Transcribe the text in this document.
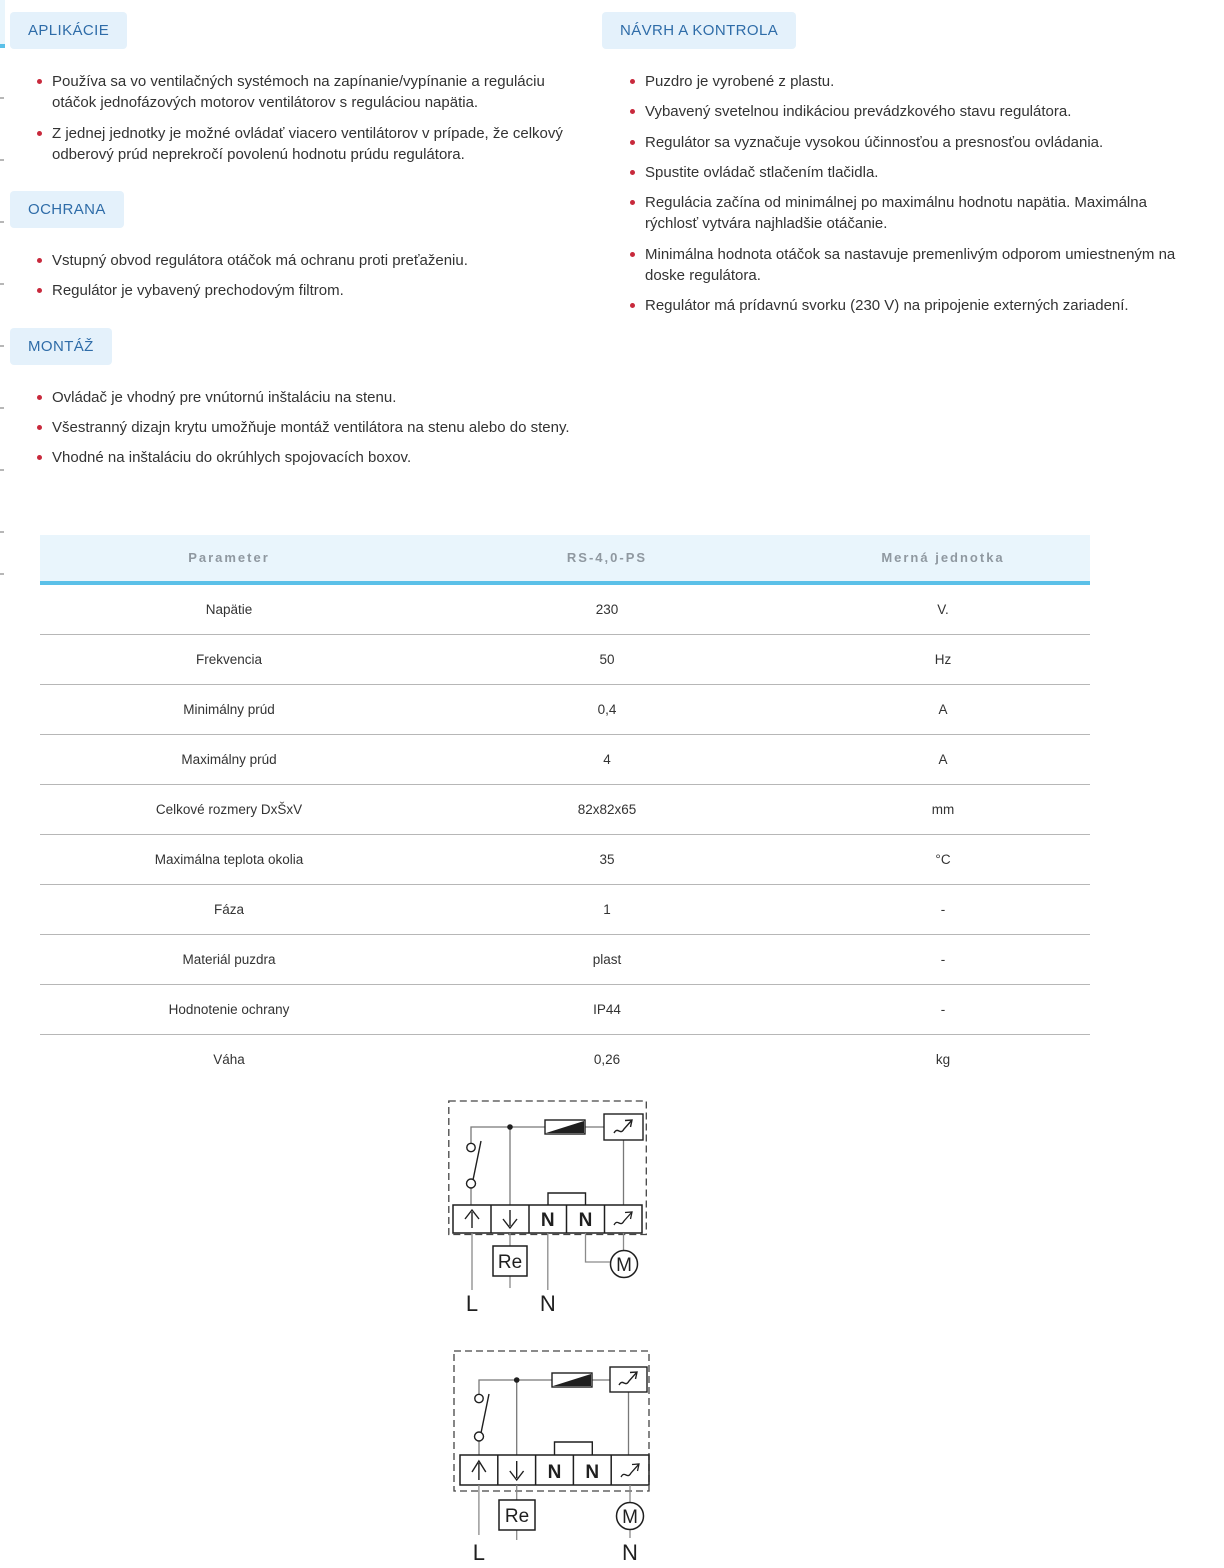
APLIKÁCIE
Používa sa vo ventilačných systémoch na zapínanie/vypínanie a reguláciu otáčok jednofázových motorov ventilátorov s reguláciou napätia.
Z jednej jednotky je možné ovládať viacero ventilátorov v prípade, že celkový odberový prúd neprekročí povolenú hodnotu prúdu regulátora.
OCHRANA
Vstupný obvod regulátora otáčok má ochranu proti preťaženiu.
Regulátor je vybavený prechodovým filtrom.
MONTÁŽ
Ovládač je vhodný pre vnútornú inštaláciu na stenu.
Všestranný dizajn krytu umožňuje montáž ventilátora na stenu alebo do steny.
Vhodné na inštaláciu do okrúhlych spojovacích boxov.
NÁVRH A KONTROLA
Puzdro je vyrobené z plastu.
Vybavený svetelnou indikáciou prevádzkového stavu regulátora.
Regulátor sa vyznačuje vysokou účinnosťou a presnosťou ovládania.
Spustite ovládač stlačením tlačidla.
Regulácia začína od minimálnej po maximálnu hodnotu napätia. Maximálna rýchlosť vytvára najhladšie otáčanie.
Minimálna hodnota otáčok sa nastavuje premenlivým odporom umiestneným na doske regulátora.
Regulátor má prídavnú svorku (230 V) na pripojenie externých zariadení.
Parameter	RS-4,0-PS	Merná jednotka
Napätie	230	V.
Frekvencia	50	Hz
Minimálny prúd	0,4	A
Maximálny prúd	4	A
Celkové rozmery DxŠxV	82x82x65	mm
Maximálna teplota okolia	35	°C
Fáza	1	-
Materiál puzdra	plast	-
Hodnotenie ochrany	IP44	-
Váha	0,26	kg
N N
Re	M
L	N

N N
Re	M
L	N
